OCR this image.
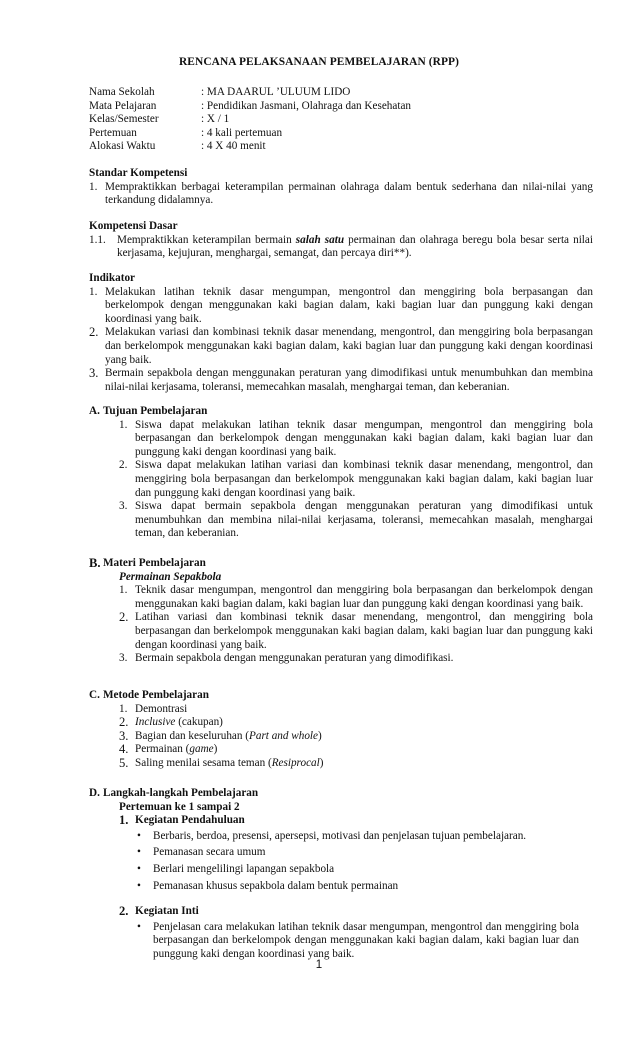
RENCANA PELAKSANAAN PEMBELAJARAN (RPP)
Nama Sekolah	: MA DAARUL ’ULUUM LIDO
Mata Pelajaran	: Pendidikan Jasmani, Olahraga dan Kesehatan
Kelas/Semester	: X / 1
Pertemuan	: 4 kali pertemuan
Alokasi Waktu	: 4 X 40 menit
Standar Kompetensi
1. Mempraktikkan berbagai keterampilan permainan olahraga dalam bentuk sederhana dan nilai-nilai yang terkandung didalamnya.
Kompetensi Dasar
1.1. Mempraktikkan keterampilan bermain salah satu permainan dan olahraga beregu bola besar serta nilai kerjasama, kejujuran, menghargai, semangat, dan percaya diri**).
Indikator
1. Melakukan latihan teknik dasar mengumpan, mengontrol dan menggiring bola berpasangan dan berkelompok dengan menggunakan kaki bagian dalam, kaki bagian luar dan punggung kaki dengan koordinasi yang baik.
2. Melakukan variasi dan kombinasi teknik dasar menendang, mengontrol, dan menggiring bola berpasangan dan berkelompok menggunakan kaki bagian dalam, kaki bagian luar dan punggung kaki dengan koordinasi yang baik.
3. Bermain sepakbola dengan menggunakan peraturan yang dimodifikasi untuk menumbuhkan dan membina nilai-nilai kerjasama, toleransi, memecahkan masalah, menghargai teman, dan keberanian.
A. Tujuan Pembelajaran
1. Siswa dapat melakukan latihan teknik dasar mengumpan, mengontrol dan menggiring bola berpasangan dan berkelompok dengan menggunakan kaki bagian dalam, kaki bagian luar dan punggung kaki dengan koordinasi yang baik.
2. Siswa dapat melakukan latihan variasi dan kombinasi teknik dasar menendang, mengontrol, dan menggiring bola berpasangan dan berkelompok menggunakan kaki bagian dalam, kaki bagian luar dan punggung kaki dengan koordinasi yang baik.
3. Siswa dapat bermain sepakbola dengan menggunakan peraturan yang dimodifikasi untuk menumbuhkan dan membina nilai-nilai kerjasama, toleransi, memecahkan masalah, menghargai teman, dan keberanian.
B. Materi Pembelajaran
Permainan Sepakbola
1. Teknik dasar mengumpan, mengontrol dan menggiring bola berpasangan dan berkelompok dengan menggunakan kaki bagian dalam, kaki bagian luar dan punggung kaki dengan koordinasi yang baik.
2. Latihan variasi dan kombinasi teknik dasar menendang, mengontrol, dan menggiring bola berpasangan dan berkelompok menggunakan kaki bagian dalam, kaki bagian luar dan punggung kaki dengan koordinasi yang baik.
3. Bermain sepakbola dengan menggunakan peraturan yang dimodifikasi.
C. Metode Pembelajaran
1. Demontrasi
2. Inclusive (cakupan)
3. Bagian dan keseluruhan (Part and whole)
4. Permainan (game)
5. Saling menilai sesama teman (Resiprocal)
D. Langkah-langkah Pembelajaran
Pertemuan ke 1 sampai 2
1. Kegiatan Pendahuluan
• Berbaris, berdoa, presensi, apersepsi, motivasi dan penjelasan tujuan pembelajaran.
• Pemanasan secara umum
• Berlari mengelilingi lapangan sepakbola
• Pemanasan khusus sepakbola dalam bentuk permainan
2. Kegiatan Inti
• Penjelasan cara melakukan latihan teknik dasar mengumpan, mengontrol dan menggiring bola berpasangan dan berkelompok dengan menggunakan kaki bagian dalam, kaki bagian luar dan punggung kaki dengan koordinasi yang baik.
1
